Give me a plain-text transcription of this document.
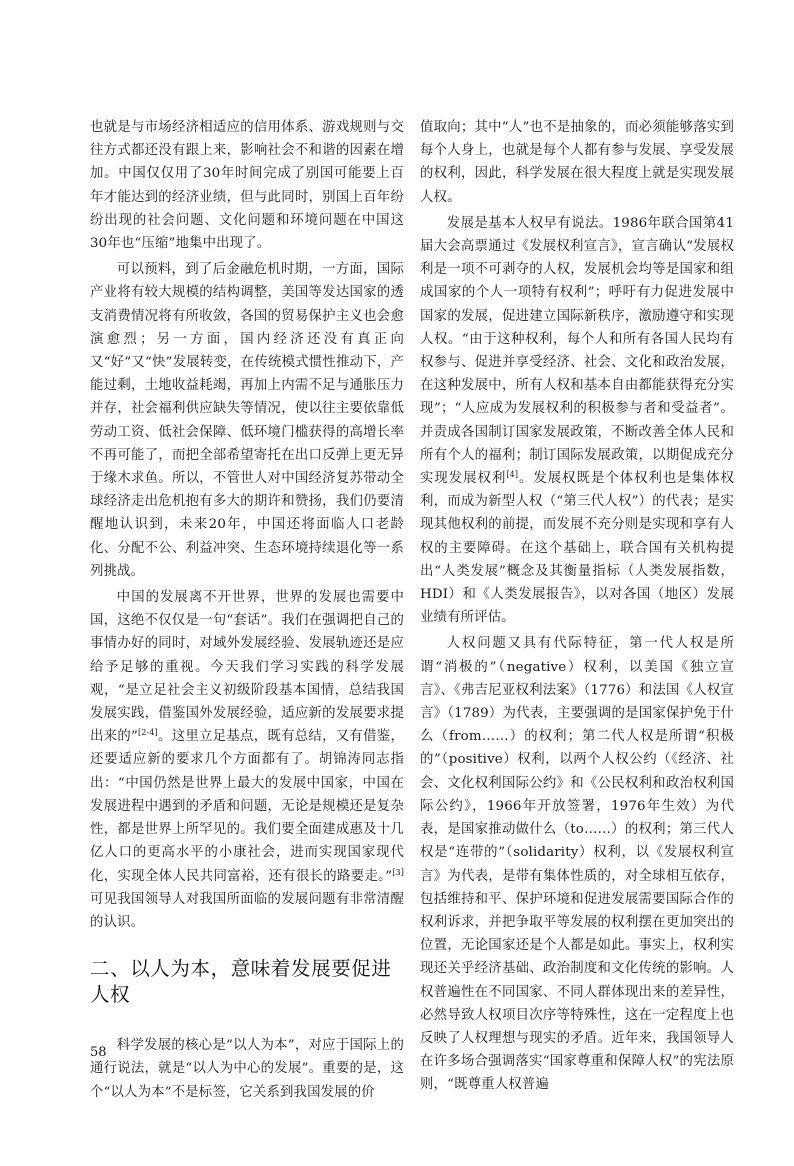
也就是与市场经济相适应的信用体系、游戏规则与交往方式都还没有跟上来，影响社会不和谐的因素在增加。中国仅仅用了30年时间完成了别国可能要上百年才能达到的经济业绩，但与此同时，别国上百年纷纷出现的社会问题、文化问题和环境问题在中国这30年也“压缩”地集中出现了。

可以预料，到了后金融危机时期，一方面，国际产业将有较大规模的结构调整，美国等发达国家的透支消费情况将有所收敛，各国的贸易保护主义也会愈演愈烈；另一方面，国内经济还没有真正向又“好”又“快”发展转变，在传统模式惯性推动下，产能过剩，土地收益耗竭，再加上内需不足与通胀压力并存，社会福利供应缺失等情况，使以往主要依靠低劳动工资、低社会保障、低环境门槛获得的高增长率不再可能了，而把全部希望寄托在出口反弹上更无异于缘木求鱼。所以，不管世人对中国经济复苏带动全球经济走出危机抱有多大的期许和赞扬，我们仍要清醒地认识到，未来20年，中国还将面临人口老龄化、分配不公、利益冲突、生态环境持续退化等一系列挑战。

中国的发展离不开世界，世界的发展也需要中国，这绝不仅仅是一句“套话”。我们在强调把自己的事情办好的同时，对域外发展经验、发展轨迹还是应给予足够的重视。今天我们学习实践的科学发展观，“是立足社会主义初级阶段基本国情，总结我国发展实践，借鉴国外发展经验，适应新的发展要求提出来的”[2-4]。这里立足基点，既有总结，又有借鉴，还要适应新的要求几个方面都有了。胡锦涛同志指出：“中国仍然是世界上最大的发展中国家，中国在发展进程中遇到的矛盾和问题，无论是规模还是复杂性，都是世界上所罕见的。我们要全面建成惠及十几亿人口的更高水平的小康社会，进而实现国家现代化，实现全体人民共同富裕，还有很长的路要走。”[3]可见我国领导人对我国所面临的发展问题有非常清醒的认识。

二、以人为本，意味着发展要促进人权

科学发展的核心是“以人为本”，对应于国际上的通行说法，就是“以人为中心的发展”。重要的是，这个“以人为本”不是标签，它关系到我国发展的价

值取向；其中“人”也不是抽象的，而必须能够落实到每个人身上，也就是每个人都有参与发展、享受发展的权利，因此，科学发展在很大程度上就是实现发展人权。

发展是基本人权早有说法。1986年联合国第41届大会高票通过《发展权利宣言》，宣言确认“发展权利是一项不可剥夺的人权，发展机会均等是国家和组成国家的个人一项特有权利”；呼吁有力促进发展中国家的发展，促进建立国际新秩序，激励遵守和实现人权。“由于这种权利，每个人和所有各国人民均有权参与、促进并享受经济、社会、文化和政治发展，在这种发展中，所有人权和基本自由都能获得充分实现”；“人应成为发展权利的积极参与者和受益者”。并责成各国制订国家发展政策，不断改善全体人民和所有个人的福利；制订国际发展政策，以期促成充分实现发展权利[4]。发展权既是个体权利也是集体权利，而成为新型人权（“第三代人权”）的代表；是实现其他权利的前提，而发展不充分则是实现和享有人权的主要障碍。在这个基础上，联合国有关机构提出“人类发展”概念及其衡量指标（人类发展指数，HDI）和《人类发展报告》，以对各国（地区）发展业绩有所评估。

人权问题又具有代际特征，第一代人权是所谓“消极的”（negative）权利，以美国《独立宣言》、《弗吉尼亚权利法案》（1776）和法国《人权宣言》（1789）为代表，主要强调的是国家保护免于什么（from……）的权利；第二代人权是所谓“积极的”（positive）权利，以两个人权公约（《经济、社会、文化权利国际公约》和《公民权利和政治权利国际公约》，1966年开放签署，1976年生效）为代表，是国家推动做什么（to……）的权利；第三代人权是“连带的”（solidarity）权利，以《发展权利宣言》为代表，是带有集体性质的，对全球相互依存，包括维持和平、保护环境和促进发展需要国际合作的权利诉求，并把争取平等发展的权利摆在更加突出的位置，无论国家还是个人都是如此。事实上，权利实现还关乎经济基础、政治制度和文化传统的影响。人权普遍性在不同国家、不同人群体现出来的差异性，必然导致人权项目次序等特殊性，这在一定程度上也反映了人权理想与现实的矛盾。近年来，我国领导人在许多场合强调落实“国家尊重和保障人权”的宪法原则，“既尊重人权普遍

58
